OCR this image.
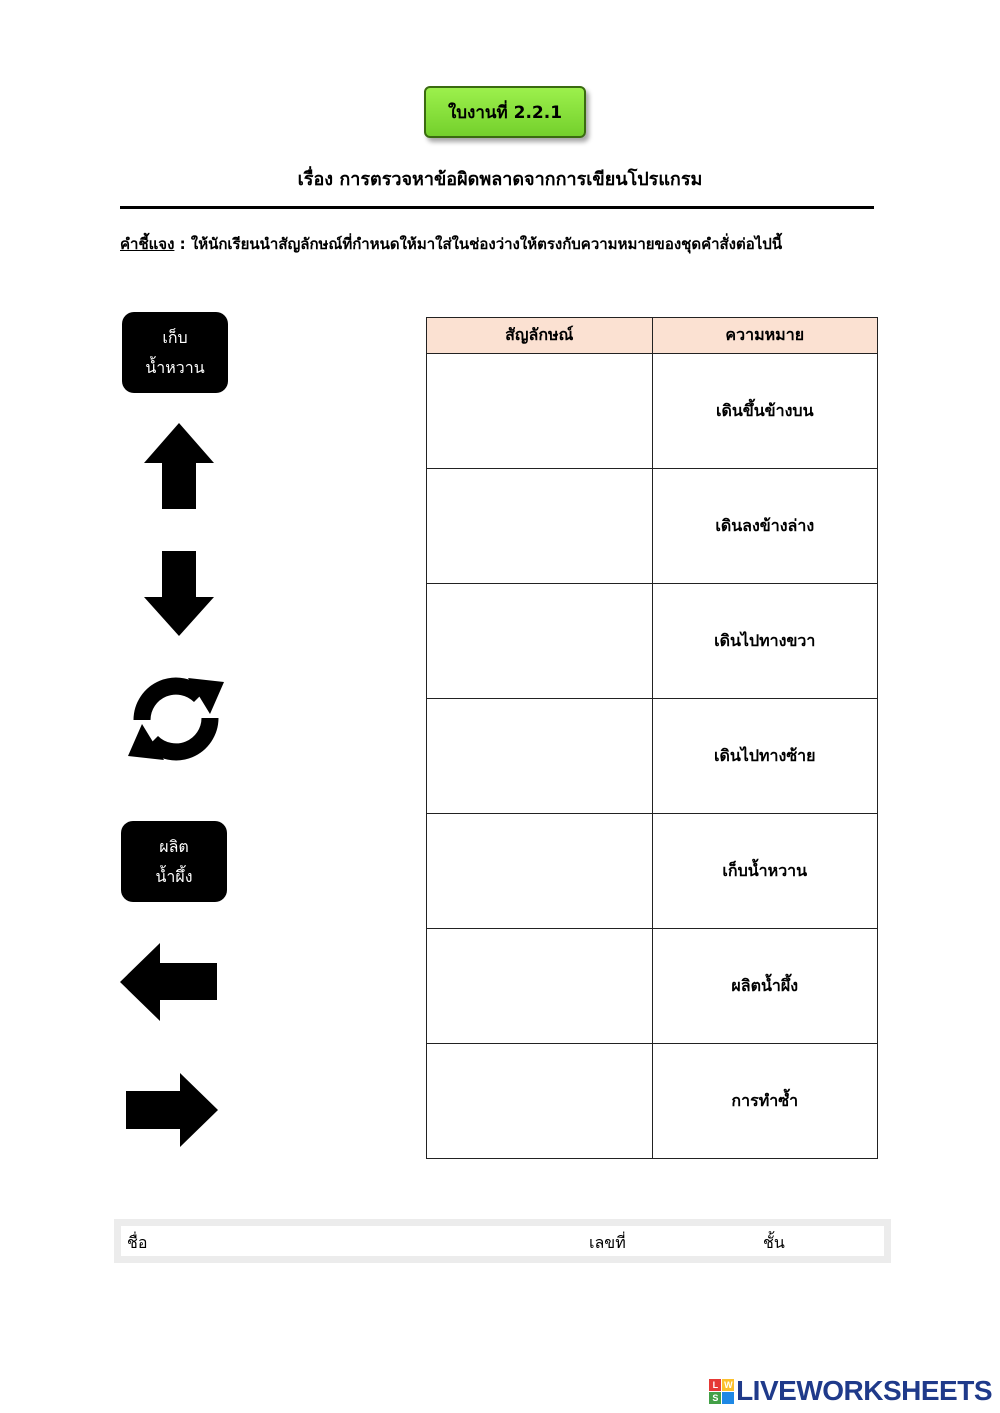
ใบงานที่ 2.2.1
เรื่อง การตรวจหาข้อผิดพลาดจากการเขียนโปรแกรม
คำชี้แจง : ให้นักเรียนนำสัญลักษณ์ที่กำหนดให้มาใส่ในช่องว่างให้ตรงกับความหมายของชุดคำสั่งต่อไปนี้
เก็บ
น้ำหวาน
ผลิต
น้ำผึ้ง
สัญลักษณ์	ความหมาย
	เดินขึ้นข้างบน
	เดินลงข้างล่าง
	เดินไปทางขวา
	เดินไปทางซ้าย
	เก็บน้ำหวาน
	ผลิตน้ำผึ้ง
	การทำซ้ำ
ชื่อ	เลขที่	ชั้น
L W
S LIVEWORKSHEETS
